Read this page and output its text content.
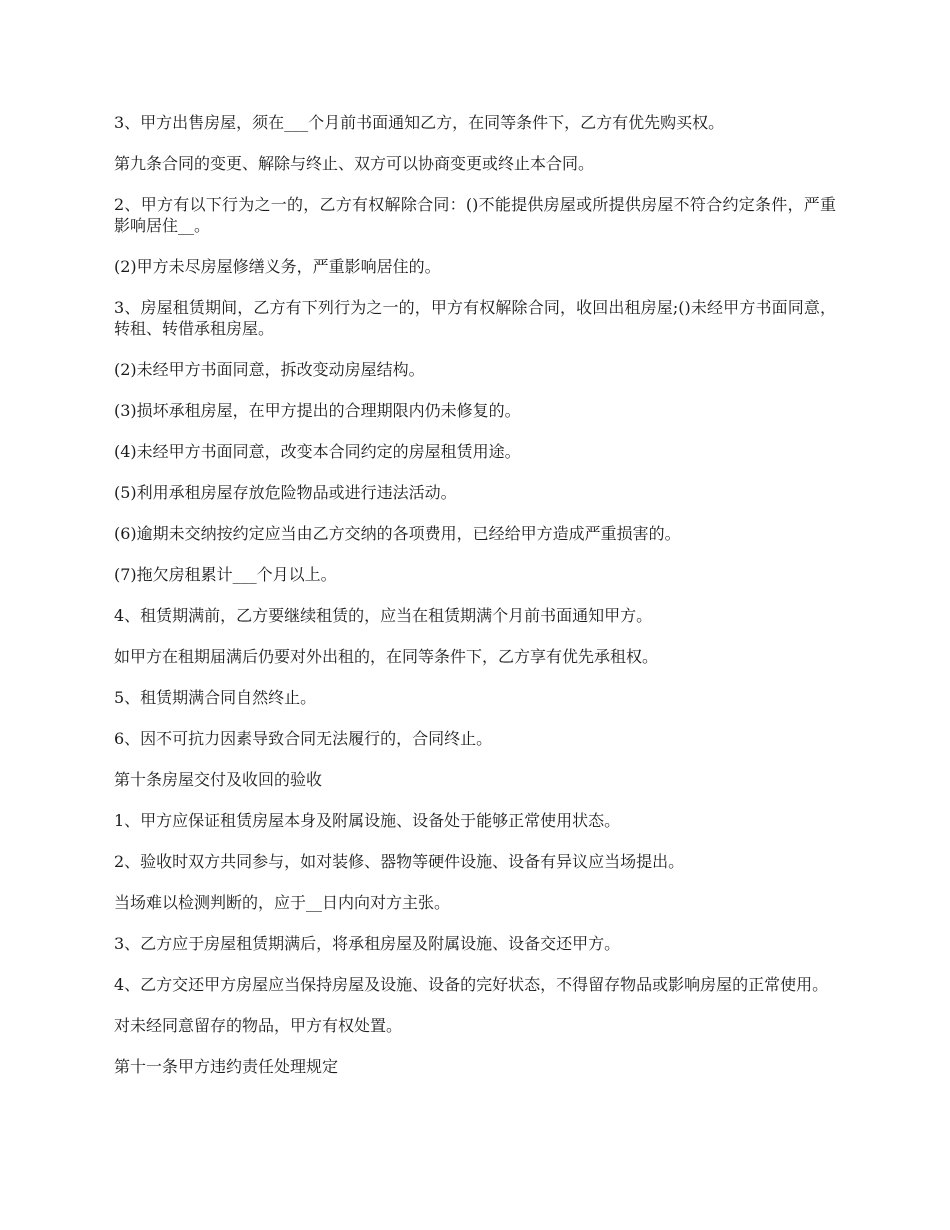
3、甲方出售房屋，须在___个月前书面通知乙方，在同等条件下，乙方有优先购买权。

第九条合同的变更、解除与终止、双方可以协商变更或终止本合同。

2、甲方有以下行为之一的，乙方有权解除合同：()不能提供房屋或所提供房屋不符合约定条件，严重影响居住__。

(2)甲方未尽房屋修缮义务，严重影响居住的。

3、房屋租赁期间，乙方有下列行为之一的，甲方有权解除合同，收回出租房屋;()未经甲方书面同意，转租、转借承租房屋。

(2)未经甲方书面同意，拆改变动房屋结构。

(3)损坏承租房屋，在甲方提出的合理期限内仍未修复的。

(4)未经甲方书面同意，改变本合同约定的房屋租赁用途。

(5)利用承租房屋存放危险物品或进行违法活动。

(6)逾期未交纳按约定应当由乙方交纳的各项费用，已经给甲方造成严重损害的。

(7)拖欠房租累计___个月以上。

4、租赁期满前，乙方要继续租赁的，应当在租赁期满个月前书面通知甲方。

如甲方在租期届满后仍要对外出租的，在同等条件下，乙方享有优先承租权。

5、租赁期满合同自然终止。

6、因不可抗力因素导致合同无法履行的，合同终止。

第十条房屋交付及收回的验收

1、甲方应保证租赁房屋本身及附属设施、设备处于能够正常使用状态。

2、验收时双方共同参与，如对装修、器物等硬件设施、设备有异议应当场提出。

当场难以检测判断的，应于__日内向对方主张。

3、乙方应于房屋租赁期满后，将承租房屋及附属设施、设备交还甲方。

4、乙方交还甲方房屋应当保持房屋及设施、设备的完好状态，不得留存物品或影响房屋的正常使用。

对未经同意留存的物品，甲方有权处置。

第十一条甲方违约责任处理规定
